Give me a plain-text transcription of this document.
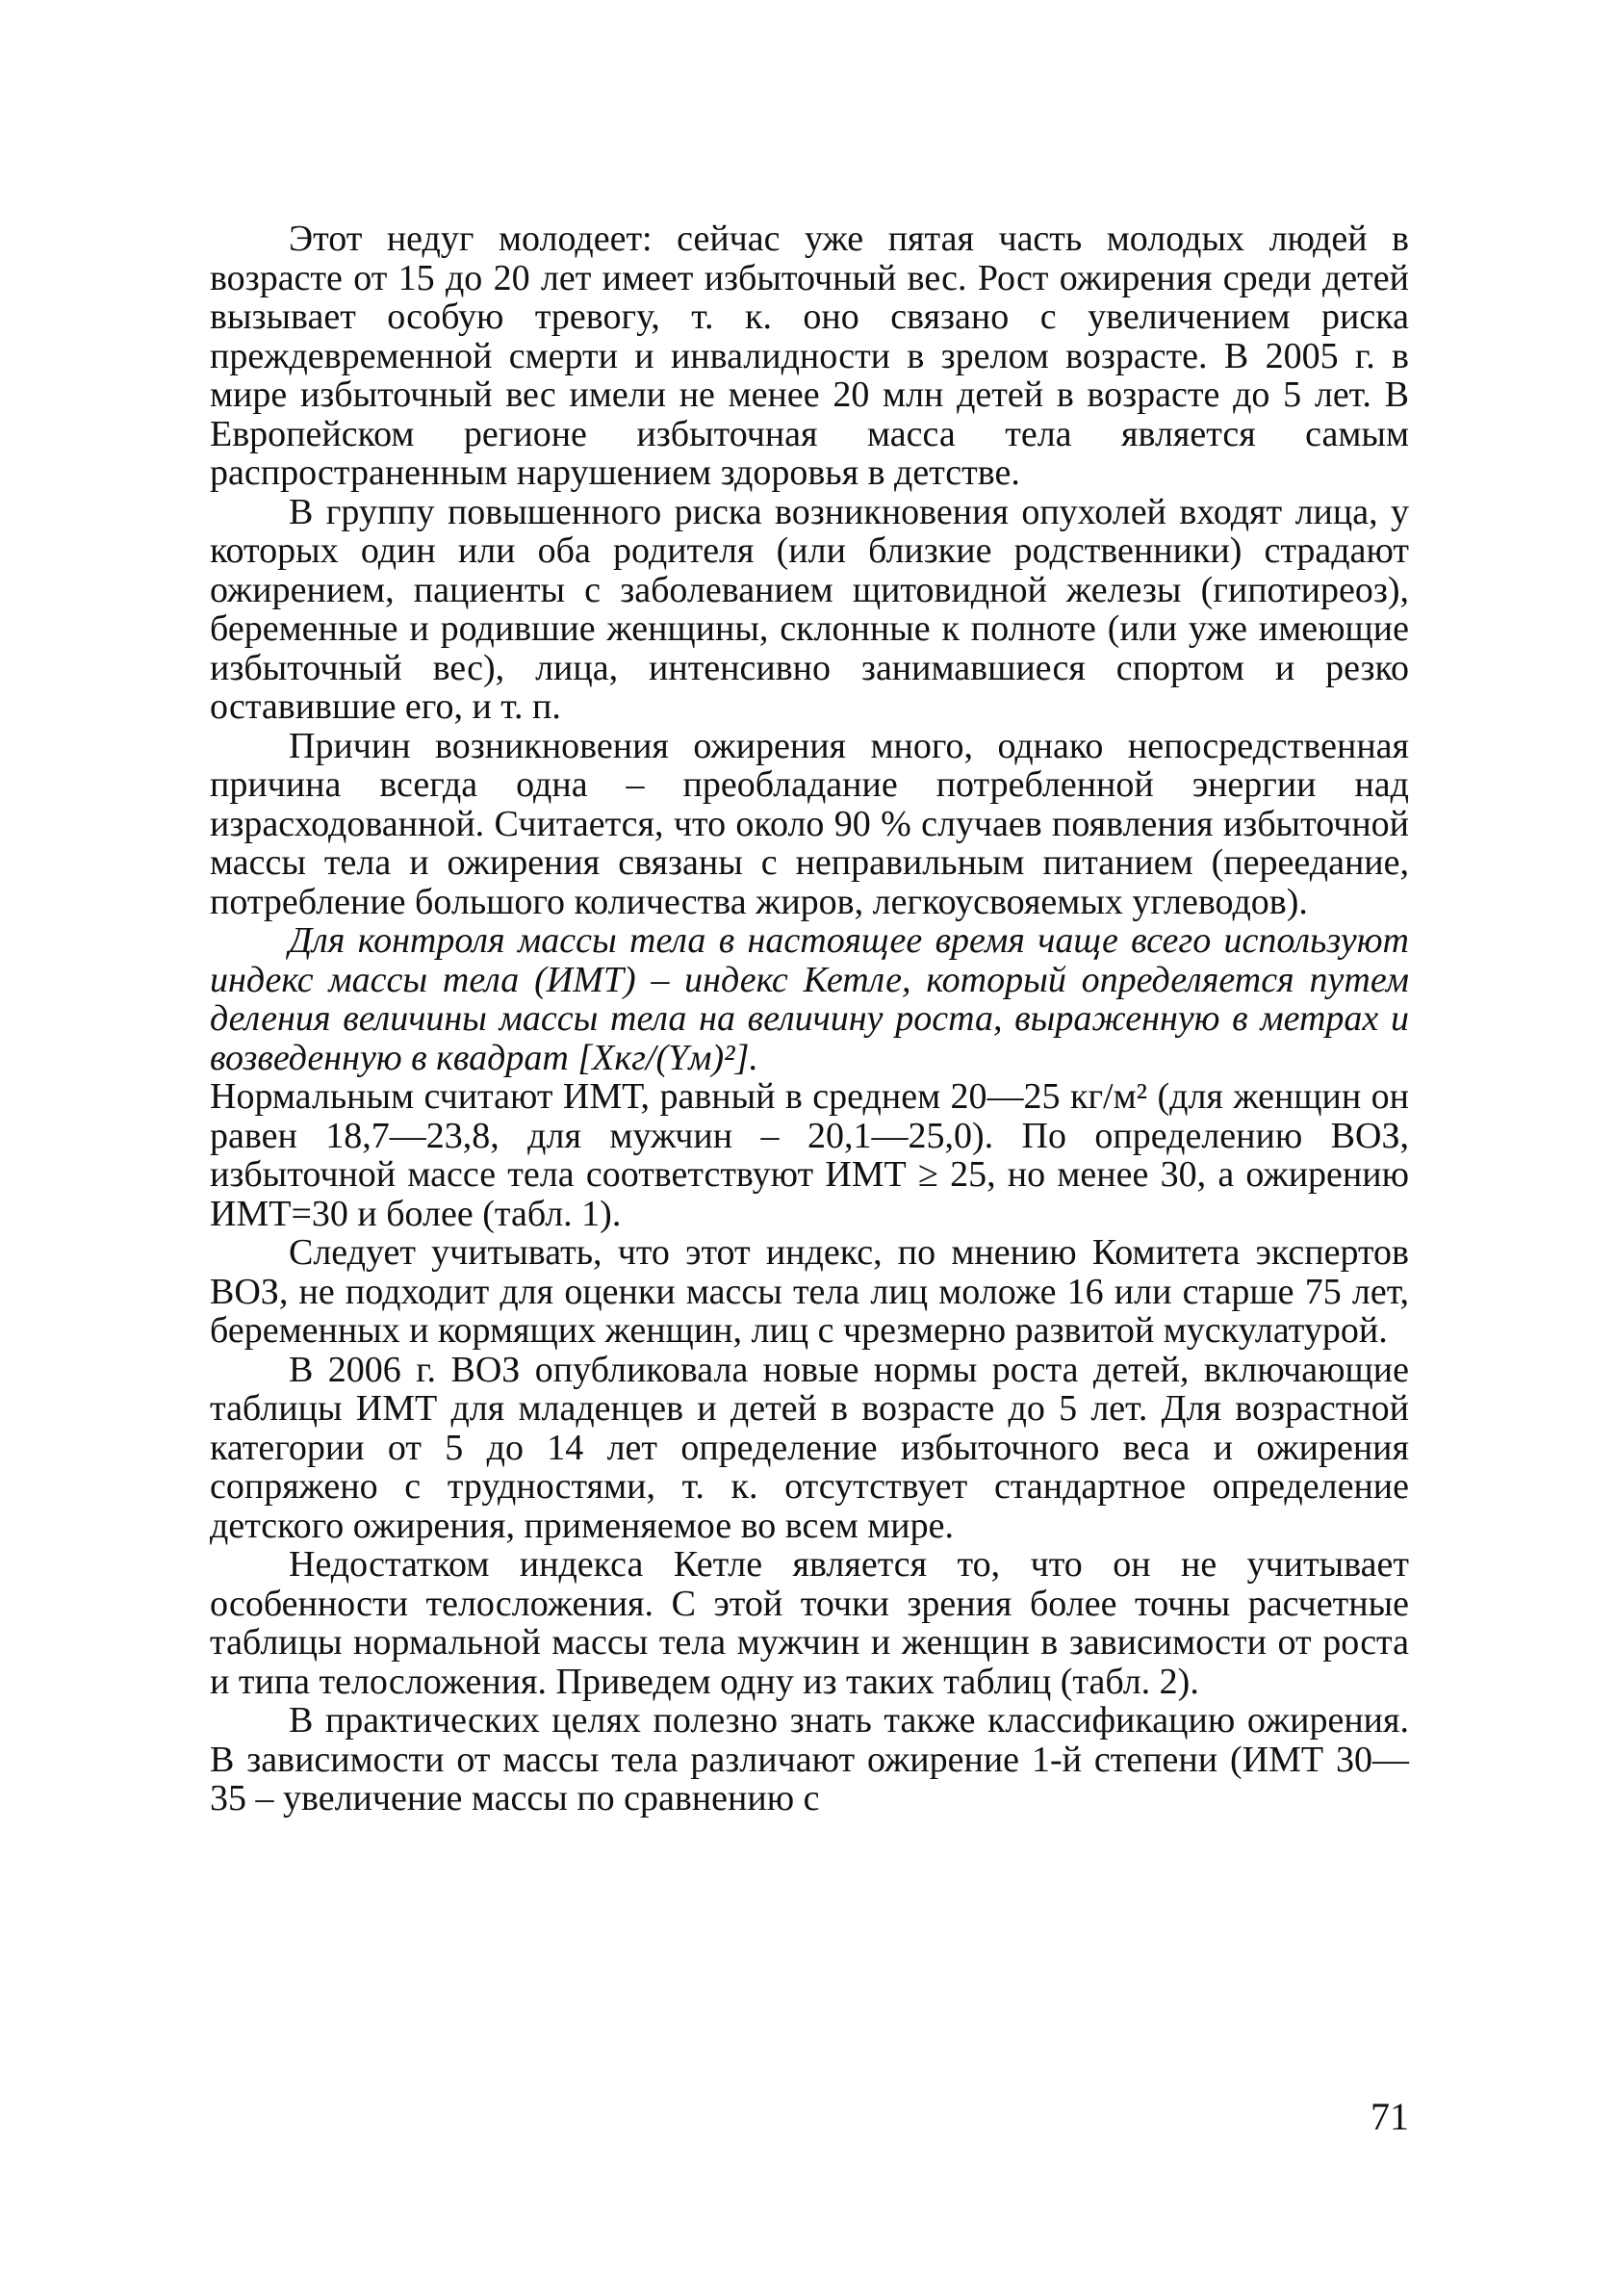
Этот недуг молодеет: сейчас уже пятая часть молодых людей в возрасте от 15 до 20 лет имеет избыточный вес. Рост ожирения среди детей вызывает особую тревогу, т. к. оно связано с увеличением риска преждевременной смерти и инвалидности в зрелом возрасте. В 2005 г. в мире избыточный вес имели не менее 20 млн детей в возрасте до 5 лет. В Европейском регионе избыточная масса тела является самым распространенным нарушением здоровья в детстве.

В группу повышенного риска возникновения опухолей входят лица, у которых один или оба родителя (или близкие родственники) страдают ожирением, пациенты с заболеванием щитовидной железы (гипотиреоз), беременные и родившие женщины, склонные к полноте (или уже имеющие избыточный вес), лица, интенсивно занимавшиеся спортом и резко оставившие его, и т. п.

Причин возникновения ожирения много, однако непосредственная причина всегда одна – преобладание потребленной энергии над израсходованной. Считается, что около 90 % случаев появления избыточной массы тела и ожирения связаны с неправильным питанием (переедание, потребление большого количества жиров, легкоусвояемых углеводов).

Для контроля массы тела в настоящее время чаще всего используют индекс массы тела (ИМТ) – индекс Кетле, который определяется путем деления величины массы тела на величину роста, выраженную в метрах и возведенную в квадрат [Xкг/(Yм)²].

Нормальным считают ИМТ, равный в среднем 20—25 кг/м² (для женщин он равен 18,7—23,8, для мужчин – 20,1—25,0). По определению ВОЗ, избыточной массе тела соответствуют ИМТ ≥ 25, но менее 30, а ожирению ИМТ=30 и более (табл. 1).

Следует учитывать, что этот индекс, по мнению Комитета экспертов ВОЗ, не подходит для оценки массы тела лиц моложе 16 или старше 75 лет, беременных и кормящих женщин, лиц с чрезмерно развитой мускулатурой.

В 2006 г. ВОЗ опубликовала новые нормы роста детей, включающие таблицы ИМТ для младенцев и детей в возрасте до 5 лет. Для возрастной категории от 5 до 14 лет определение избыточного веса и ожирения сопряжено с трудностями, т. к. отсутствует стандартное определение детского ожирения, применяемое во всем мире.

Недостатком индекса Кетле является то, что он не учитывает особенности телосложения. С этой точки зрения более точны расчетные таблицы нормальной массы тела мужчин и женщин в зависимости от роста и типа телосложения. Приведем одну из таких таблиц (табл. 2).

В практических целях полезно знать также классификацию ожирения. В зависимости от массы тела различают ожирение 1-й степени (ИМТ 30—35 – увеличение массы по сравнению с

71
